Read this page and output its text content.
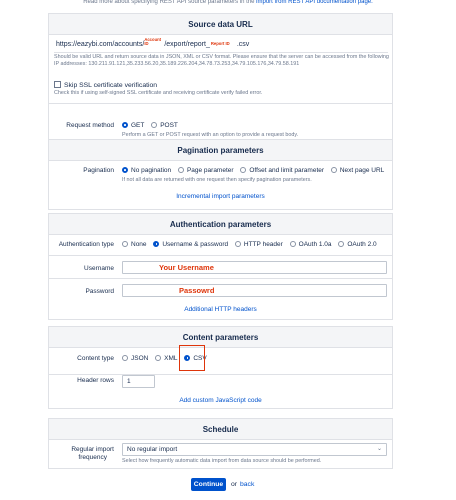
Read more about specifying REST API source parameters in the import from REST API documentation page.
Source data URL
https://eazybi.com/accounts/
Account ID	/export/report_ Report ID .csv
Should be valid URL and return source data in JSON, XML or CSV format. Please ensure that the server can be accessed from the following IP addresses: 130.211.91.121,35.233.56.20,35.189.226.204,34.78.73.253,34.79.105.176,34.79.58.191
Skip SSL certificate verification
Check this if using self-signed SSL certificate and receiving certificate verify failed error.
Request method	GET POST
Perform a GET or POST request with an option to provide a request body.
Pagination parameters
Pagination	No pagination Page parameter Offset and limit parameter Next page URL
If not all data are returned with one request then specify pagination parameters.
Incremental import parameters
Authentication parameters
Authentication type	None Username & password HTTP header OAuth 1.0a OAuth 2.0
Username	Your Username
Password	Passowrd
Additional HTTP headers
Content parameters
Content type	JSON XML CSV
Header rows	1
Add custom JavaScript code
Schedule
Regular import
frequency
No regular import	⌄
Select how frequently automatic data import from data source should be performed.
Continue	or back
